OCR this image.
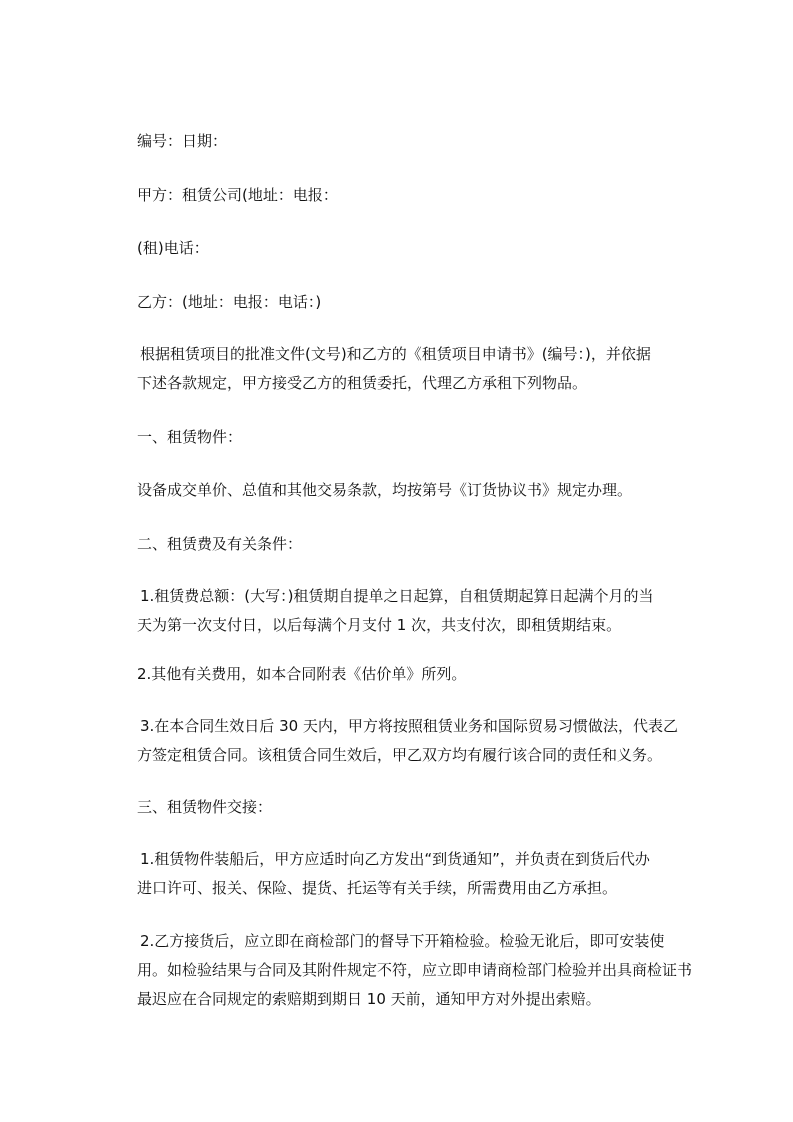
编号：日期：
甲方：租赁公司(地址：电报：
(租)电话：
乙方：(地址：电报：电话：)
根据租赁项目的批准文件(文号)和乙方的《租赁项目申请书》(编号：)，并依据
下述各款规定，甲方接受乙方的租赁委托，代理乙方承租下列物品。
一、租赁物件：
设备成交单价、总值和其他交易条款，均按第号《订货协议书》规定办理。
二、租赁费及有关条件：
1.租赁费总额：(大写：)租赁期自提单之日起算，自租赁期起算日起满个月的当
天为第一次支付日，以后每满个月支付 1 次，共支付次，即租赁期结束。
2.其他有关费用，如本合同附表《估价单》所列。
3.在本合同生效日后 30 天内，甲方将按照租赁业务和国际贸易习惯做法，代表乙
方签定租赁合同。该租赁合同生效后，甲乙双方均有履行该合同的责任和义务。
三、租赁物件交接：
1.租赁物件装船后，甲方应适时向乙方发出“到货通知”，并负责在到货后代办
进口许可、报关、保险、提货、托运等有关手续，所需费用由乙方承担。
2.乙方接货后，应立即在商检部门的督导下开箱检验。检验无讹后，即可安装使
用。如检验结果与合同及其附件规定不符，应立即申请商检部门检验并出具商检证书
最迟应在合同规定的索赔期到期日 10 天前，通知甲方对外提出索赔。
